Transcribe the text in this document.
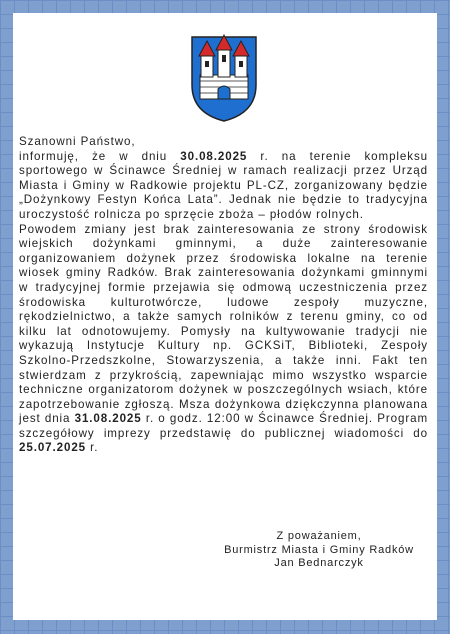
Szanowni Państwo,

informuję, że w dniu 30.08.2025 r. na terenie kompleksu sportowego w Ścinawce Średniej w ramach realizacji przez Urząd Miasta i Gminy w Radkowie projektu PL-CZ, zorganizowany będzie „Dożynkowy Festyn Końca Lata”. Jednak nie będzie to tradycyjna uroczystość rolnicza po sprzęcie zboża – płodów rolnych.

Powodem zmiany jest brak zainteresowania ze strony środowisk wiejskich dożynkami gminnymi, a duże zainteresowanie organizowaniem dożynek przez środowiska lokalne na terenie wiosek gminy Radków. Brak zainteresowania dożynkami gminnymi w tradycyjnej formie przejawia się odmową uczestniczenia przez środowiska kulturotwórcze, ludowe zespoły muzyczne, rękodzielnictwo, a także samych rolników z terenu gminy, co od kilku lat odnotowujemy. Pomysły na kultywowanie tradycji nie wykazują Instytucje Kultury np. GCKSiT, Biblioteki, Zespoły Szkolno-Przedszkolne, Stowarzyszenia, a także inni. Fakt ten stwierdzam z przykrością, zapewniając mimo wszystko wsparcie techniczne organizatorom dożynek w poszczególnych wsiach, które zapotrzebowanie zgłoszą. Msza dożynkowa dziękczynna planowana jest dnia 31.08.2025 r. o godz. 12:00 w Ścinawce Średniej. Program szczegółowy imprezy przedstawię do publicznej wiadomości do 25.07.2025 r.

Z poważaniem,
Burmistrz Miasta i Gminy Radków
Jan Bednarczyk
